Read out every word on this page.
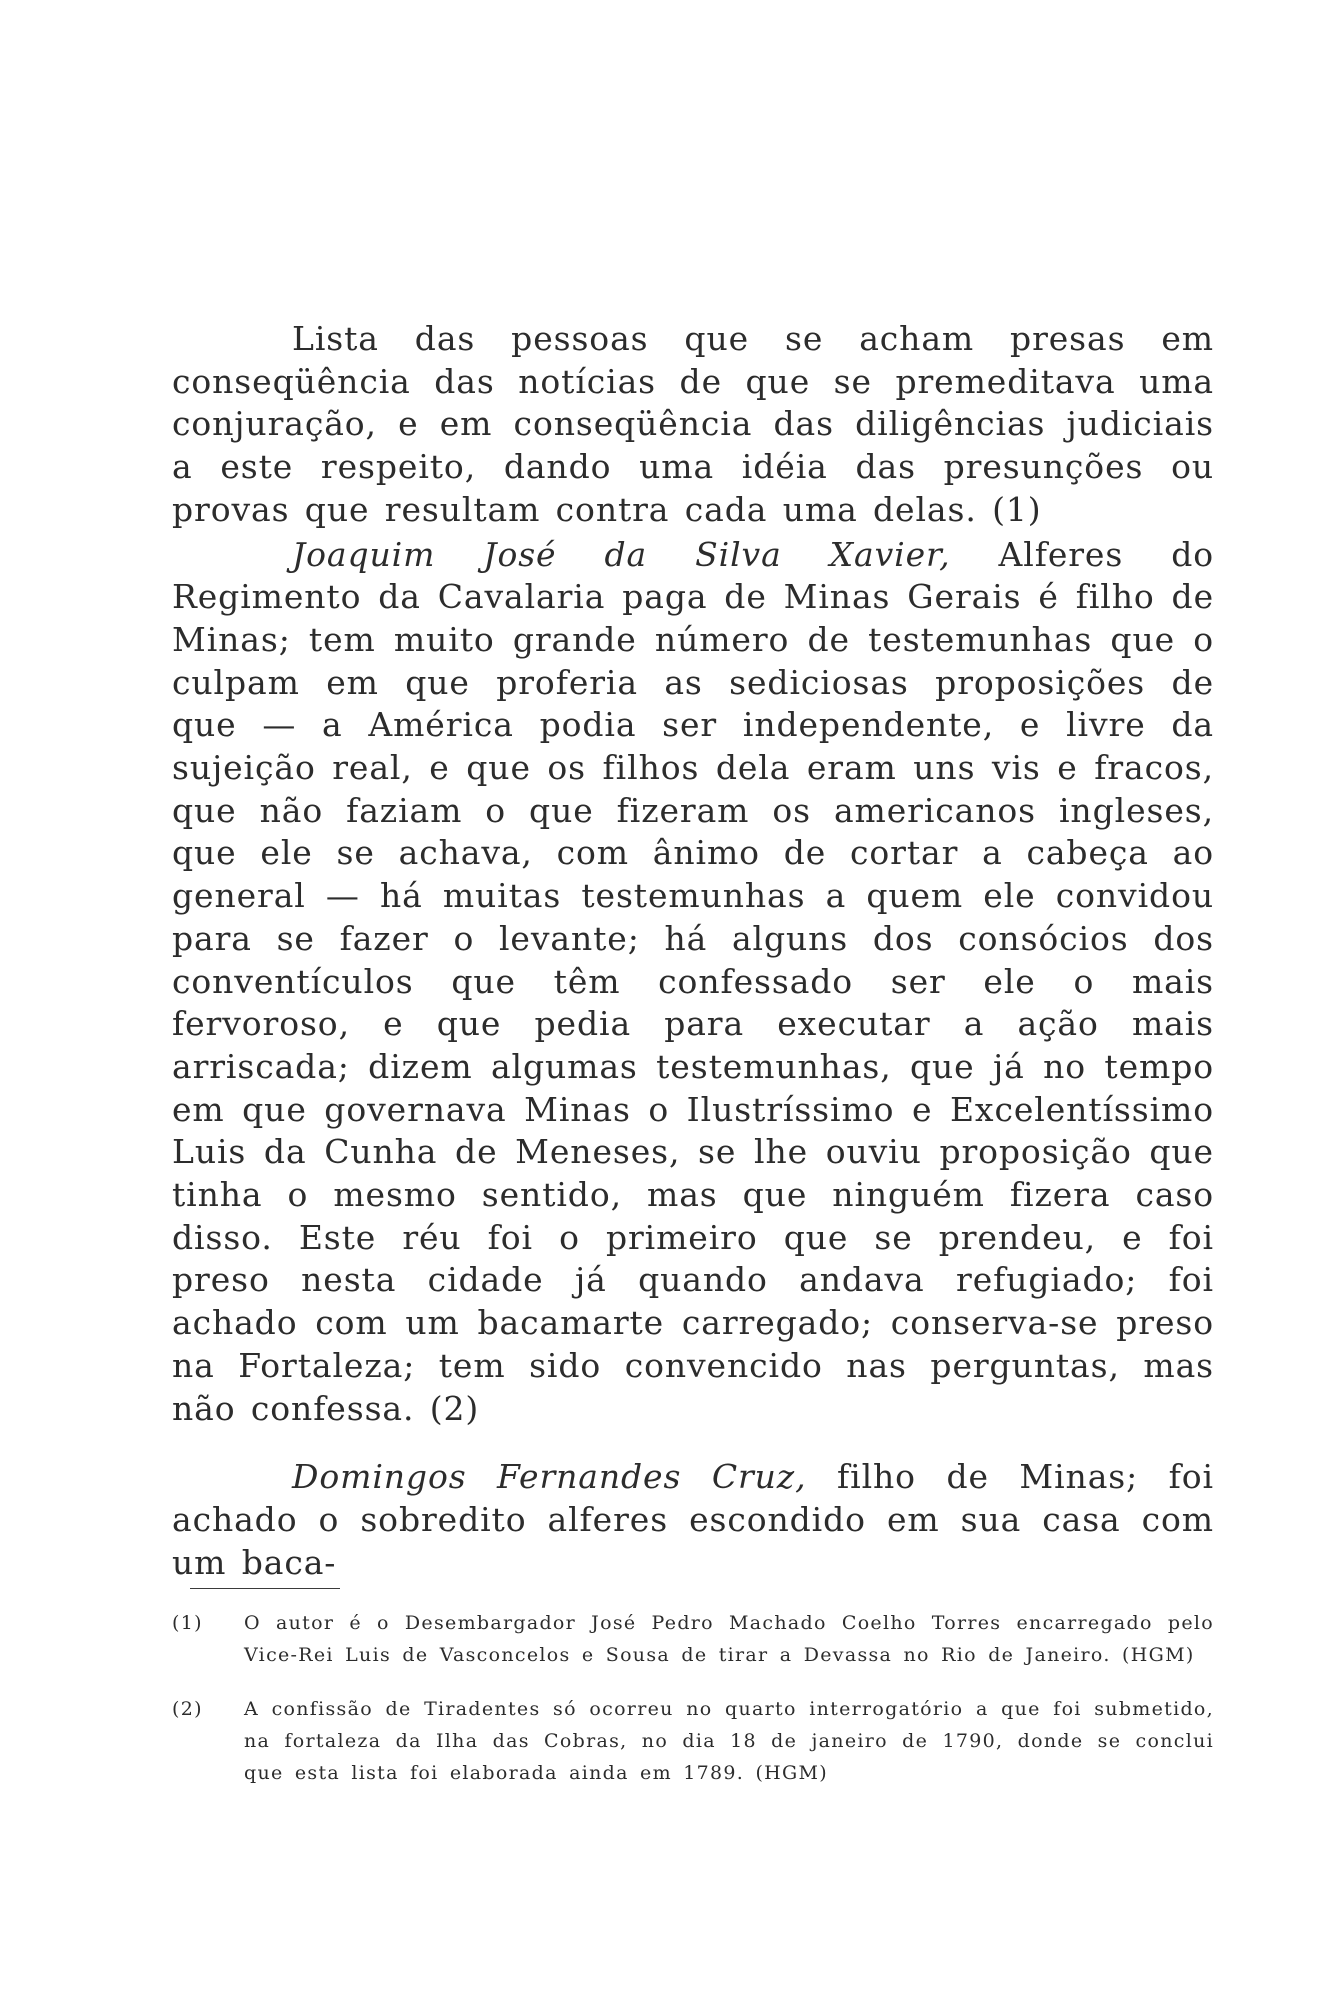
Lista das pessoas que se acham presas em conseqüência das notícias de que se premeditava uma conjuração, e em conseqüência das diligências judiciais a este respeito, dando uma idéia das presunções ou provas que resultam contra cada uma delas. (1)

Joaquim José da Silva Xavier, Alferes do Regimento da Cavalaria paga de Minas Gerais é filho de Minas; tem muito grande número de testemunhas que o culpam em que proferia as sediciosas proposições de que — a América podia ser independente, e livre da sujeição real, e que os filhos dela eram uns vis e fracos, que não faziam o que fizeram os americanos ingleses, que ele se achava, com ânimo de cortar a cabeça ao general — há muitas testemunhas a quem ele convidou para se fazer o levante; há alguns dos consócios dos conventículos que têm confessado ser ele o mais fervoroso, e que pedia para executar a ação mais arriscada; dizem algumas testemunhas, que já no tempo em que governava Minas o Ilustríssimo e Excelentíssimo Luis da Cunha de Meneses, se lhe ouviu proposição que tinha o mesmo sentido, mas que ninguém fizera caso disso. Este réu foi o primeiro que se prendeu, e foi preso nesta cidade já quando andava refugiado; foi achado com um bacamarte carregado; conserva-se preso na Fortaleza; tem sido convencido nas perguntas, mas não confessa. (2)

Domingos Fernandes Cruz, filho de Minas; foi achado o sobredito alferes escondido em sua casa com um baca-

(1)	O autor é o Desembargador José Pedro Machado Coelho Torres encarregado pelo Vice-Rei Luis de Vasconcelos e Sousa de tirar a Devassa no Rio de Janeiro. (HGM)
(2)	A confissão de Tiradentes só ocorreu no quarto interrogatório a que foi submetido, na fortaleza da Ilha das Cobras, no dia 18 de janeiro de 1790, donde se conclui que esta lista foi elaborada ainda em 1789. (HGM)
